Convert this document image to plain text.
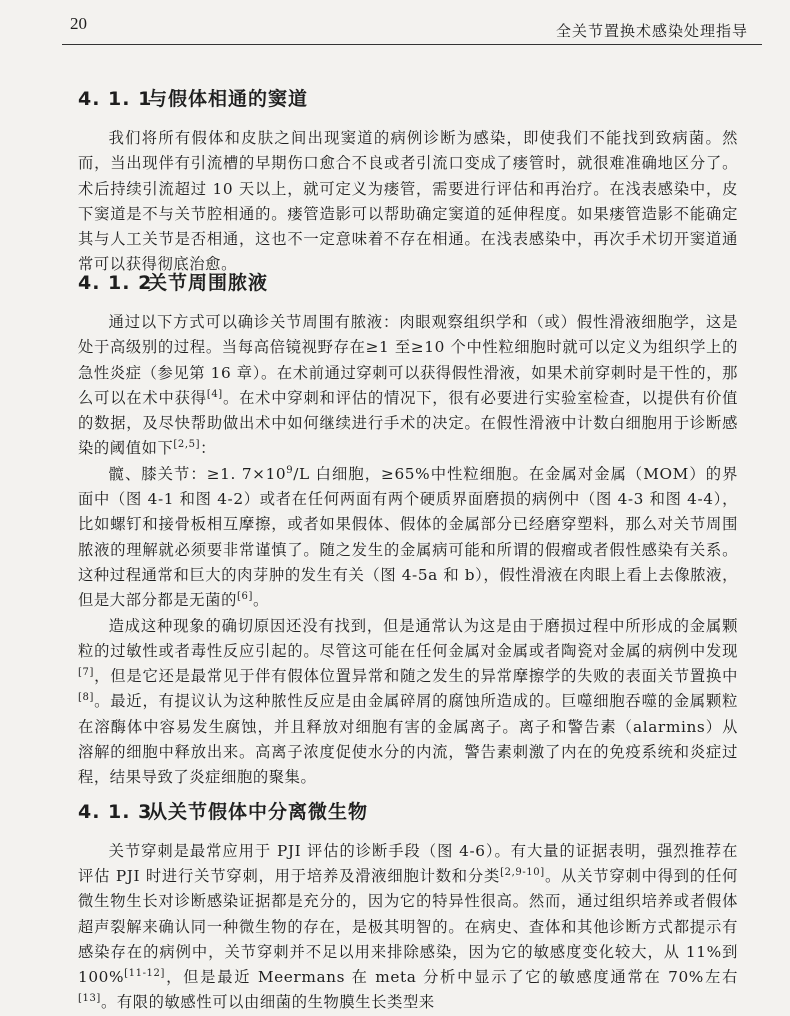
20	全关节置换术感染处理指导
4. 1. 1与假体相通的窦道

我们将所有假体和皮肤之间出现窦道的病例诊断为感染，即使我们不能找到致病菌。然而，当出现伴有引流槽的早期伤口愈合不良或者引流口变成了瘘管时，就很难准确地区分了。术后持续引流超过 10 天以上，就可定义为瘘管，需要进行评估和再治疗。在浅表感染中，皮下窦道是不与关节腔相通的。瘘管造影可以帮助确定窦道的延伸程度。如果瘘管造影不能确定其与人工关节是否相通，这也不一定意味着不存在相通。在浅表感染中，再次手术切开窦道通常可以获得彻底治愈。

4. 1. 2关节周围脓液

通过以下方式可以确诊关节周围有脓液：肉眼观察组织学和（或）假性滑液细胞学，这是处于高级别的过程。当每高倍镜视野存在≥1 至≥10 个中性粒细胞时就可以定义为组织学上的急性炎症（参见第 16 章）。在术前通过穿刺可以获得假性滑液，如果术前穿刺时是干性的，那么可以在术中获得[4]。在术中穿刺和评估的情况下，很有必要进行实验室检查，以提供有价值的数据，及尽快帮助做出术中如何继续进行手术的决定。在假性滑液中计数白细胞用于诊断感染的阈值如下[2,5]：

髋、膝关节：≥1. $7\times 10^9/L$ 白细胞，≥65%中性粒细胞。在金属对金属（MOM）的界面中（图 4-1 和图 4-2）或者在任何两面有两个硬质界面磨损的病例中（图 4-3 和图 4-4），比如螺钉和接骨板相互摩擦，或者如果假体、假体的金属部分已经磨穿塑料，那么对关节周围脓液的理解就必须要非常谨慎了。随之发生的金属病可能和所谓的假瘤或者假性感染有关系。这种过程通常和巨大的肉芽肿的发生有关（图 4-5a 和 b），假性滑液在肉眼上看上去像脓液，但是大部分都是无菌的[6]。

造成这种现象的确切原因还没有找到，但是通常认为这是由于磨损过程中所形成的金属颗粒的过敏性或者毒性反应引起的。尽管这可能在任何金属对金属或者陶瓷对金属的病例中发现[7]，但是它还是最常见于伴有假体位置异常和随之发生的异常摩擦学的失败的表面关节置换中[8]。最近，有提议认为这种脓性反应是由金属碎屑的腐蚀所造成的。巨噬细胞吞噬的金属颗粒在溶酶体中容易发生腐蚀，并且释放对细胞有害的金属离子。离子和警告素（alarmins）从溶解的细胞中释放出来。高离子浓度促使水分的内流，警告素刺激了内在的免疫系统和炎症过程，结果导致了炎症细胞的聚集。

4. 1. 3从关节假体中分离微生物

关节穿刺是最常应用于 PJI 评估的诊断手段（图 4-6）。有大量的证据表明，强烈推荐在评估 PJI 时进行关节穿刺，用于培养及滑液细胞计数和分类[2,9-10]。从关节穿刺中得到的任何微生物生长对诊断感染证据都是充分的，因为它的特异性很高。然而，通过组织培养或者假体超声裂解来确认同一种微生物的存在，是极其明智的。在病史、查体和其他诊断方式都提示有感染存在的病例中，关节穿刺并不足以用来排除感染，因为它的敏感度变化较大，从 11%到 100%[11-12]，但是最近 Meermans 在 meta 分析中显示了它的敏感度通常在 70%左右[13]。有限的敏感性可以由细菌的生物膜生长类型来
